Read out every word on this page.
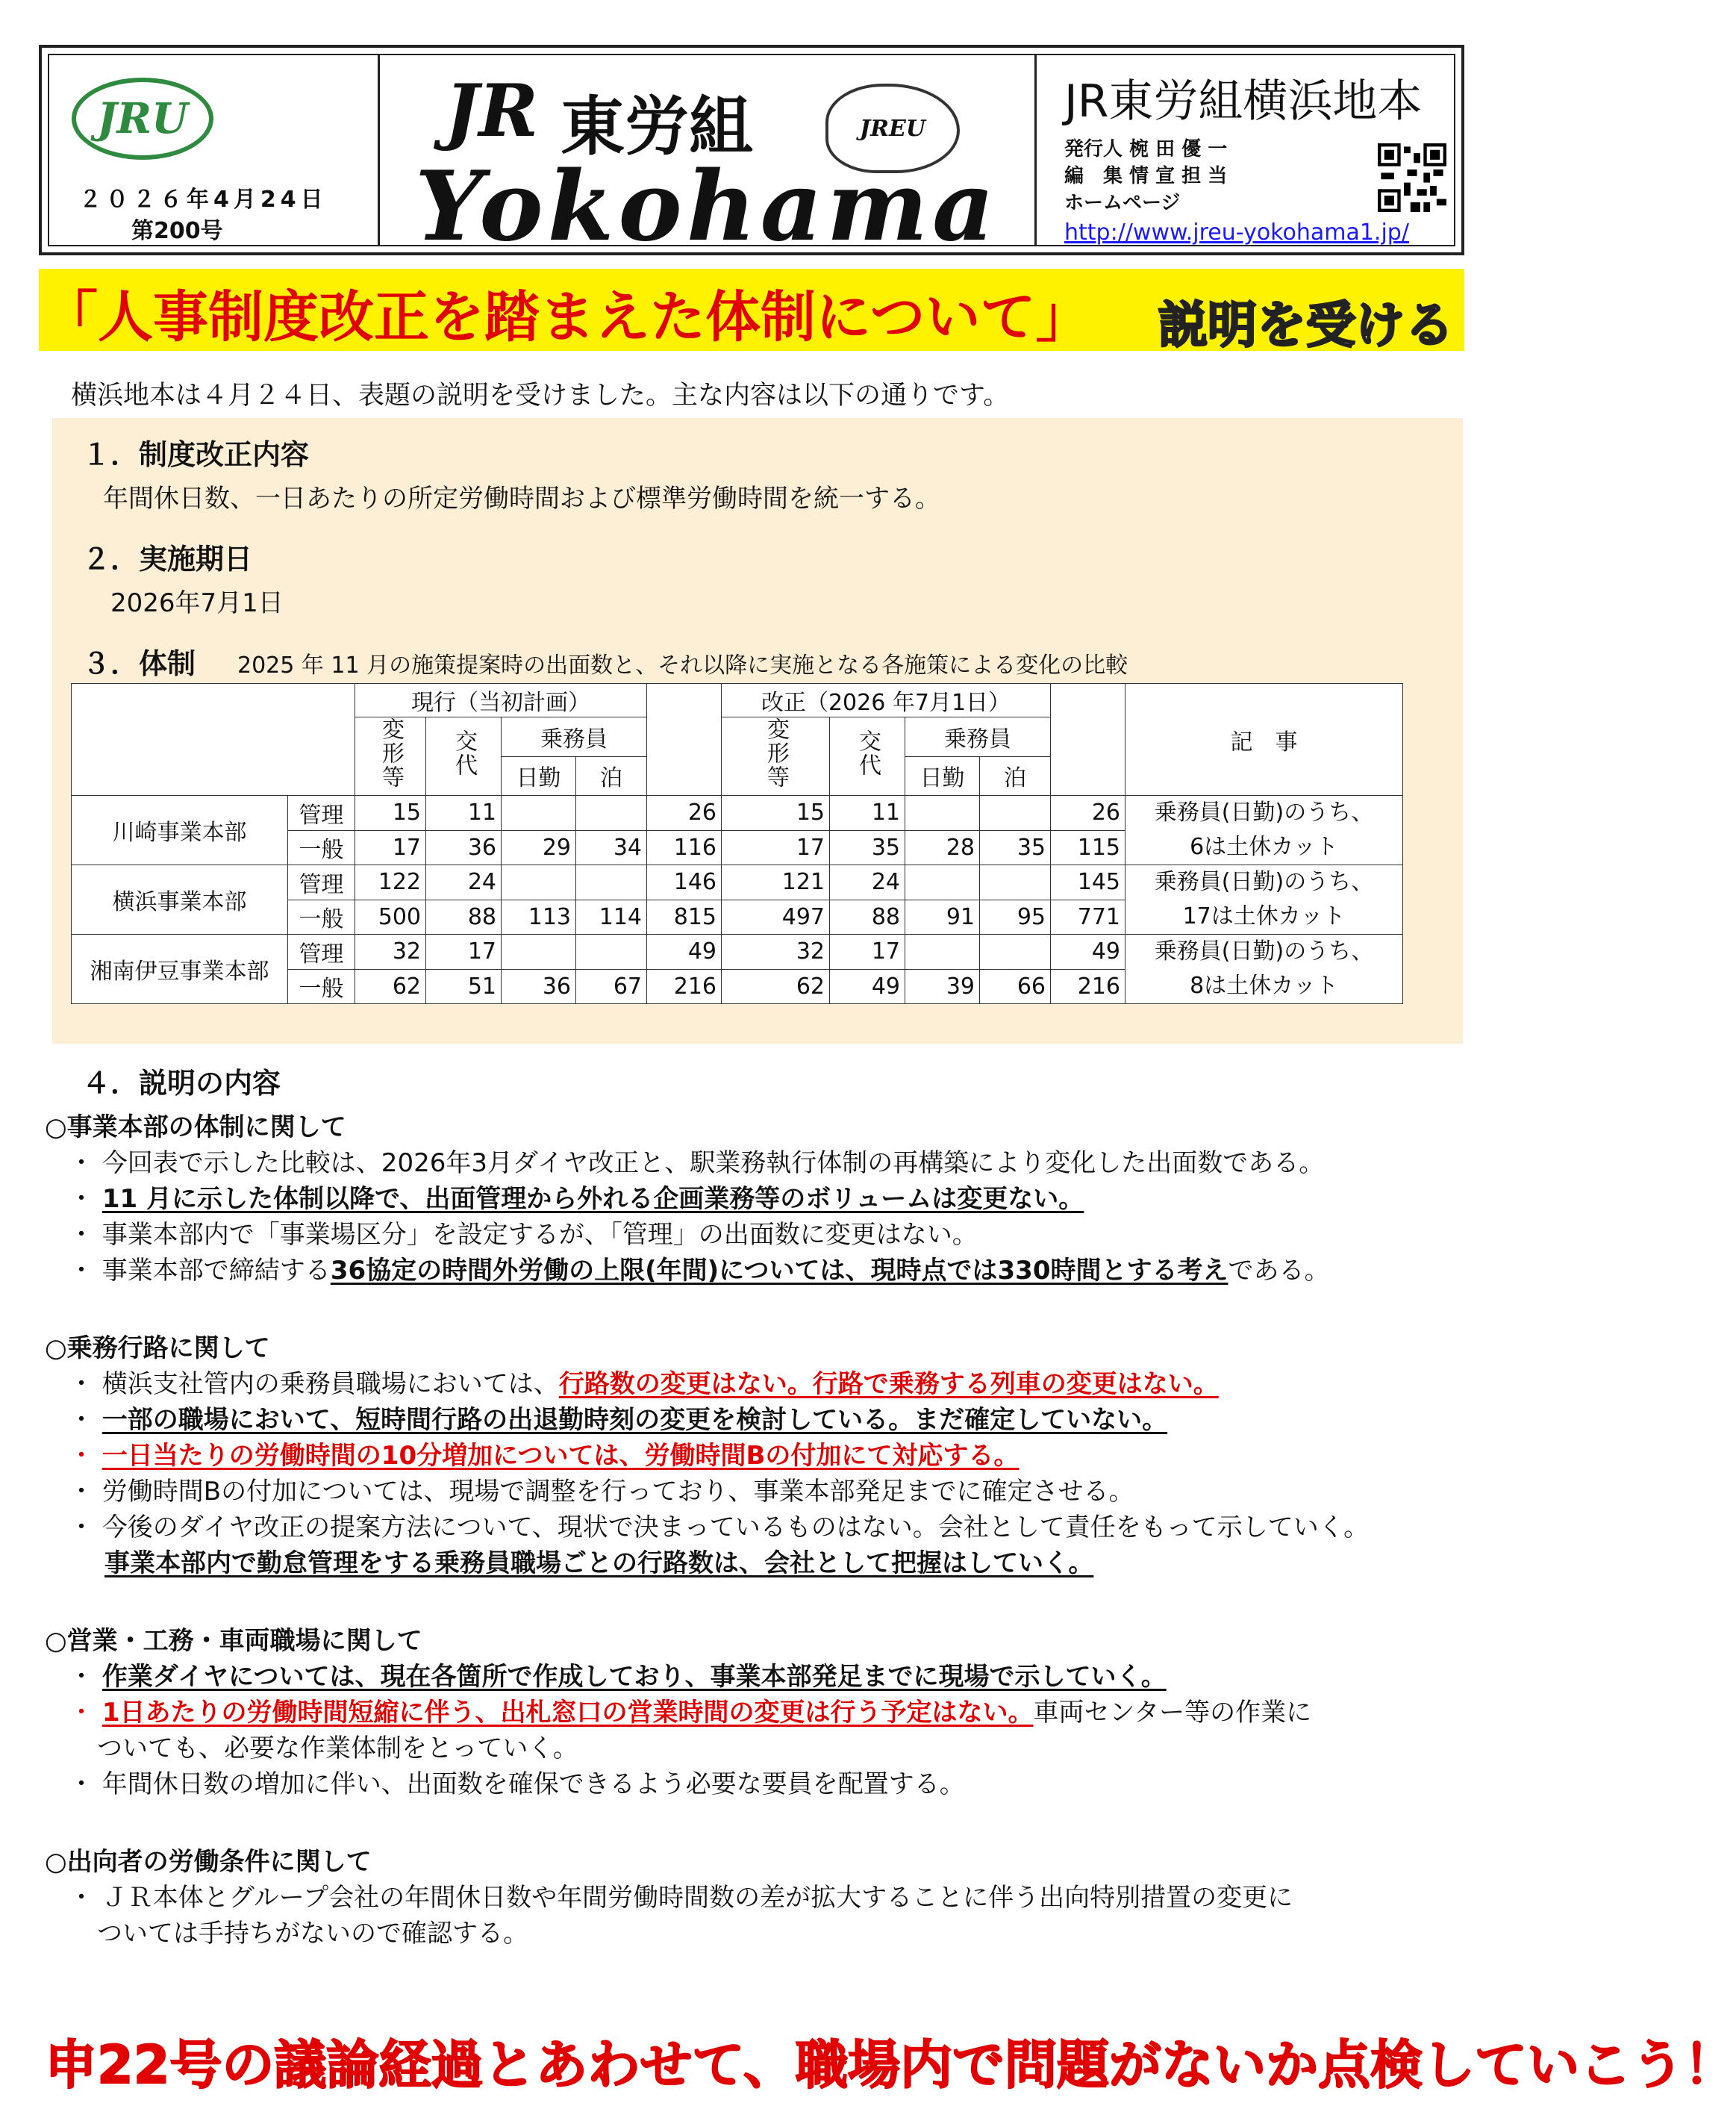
JRU
２０２６年4月24日
第200号
JR 東労組	JREU
Yokohama
JR東労組横浜地本
発行人 椀 田 優 一
編　集 情 宣 担 当
ホームページ
http://www.jreu-yokohama1.jp/
「人事制度改正を踏まえた体制について」 説明を受ける
横浜地本は４月２４日、表題の説明を受けました。主な内容は以下の通りです。
１．制度改正内容
年間休日数、一日あたりの所定労働時間および標準労働時間を統一する。
２．実施期日
2026年7月1日
３．体制 2025 年 11 月の施策提案時の出面数と、それ以降に実施となる各施策による変化の比較
		現行（当初計画）					改正（2026 年7月1日）					記　事
		変形等	交代	乗務員			変形等	交代	乗務員			
				日勤	泊				日勤	泊		
川崎事業本部	管理	15	11			26	15	11			26	乗務員(日勤)のうち、
6は土休カット

	一般	17	36	29	34	116	17	35	28	35	115	
横浜事業本部	管理	122	24			146	121	24			145	乗務員(日勤)のうち、
17は土休カット

	一般	500	88	113	114	815	497	88	91	95	771	
湘南伊豆事業本部	管理	32	17			49	32	17			49	乗務員(日勤)のうち、
8は土休カット

	一般	62	51	36	67	216	62	49	39	66	216	
４．説明の内容
○事業本部の体制に関して
・ 今回表で示した比較は、2026年3月ダイヤ改正と、駅業務執行体制の再構築により変化した出面数である。
・ 11 月に示した体制以降で、出面管理から外れる企画業務等のボリュームは変更ない。
・ 事業本部内で「事業場区分」を設定するが、「管理」の出面数に変更はない。
・ 事業本部で締結する36協定の時間外労働の上限(年間)については、現時点では330時間とする考えである。
○乗務行路に関して
・ 横浜支社管内の乗務員職場においては、行路数の変更はない。行路で乗務する列車の変更はない。
・ 一部の職場において、短時間行路の出退勤時刻の変更を検討している。まだ確定していない。
・ 一日当たりの労働時間の10分増加については、労働時間Bの付加にて対応する。
・ 労働時間Bの付加については、現場で調整を行っており、事業本部発足までに確定させる。
・ 今後のダイヤ改正の提案方法について、現状で決まっているものはない。会社として責任をもって示していく。
事業本部内で勤怠管理をする乗務員職場ごとの行路数は、会社として把握はしていく。
○営業・工務・車両職場に関して
・ 作業ダイヤについては、現在各箇所で作成しており、事業本部発足までに現場で示していく。
・ 1日あたりの労働時間短縮に伴う、出札窓口の営業時間の変更は行う予定はない。車両センター等の作業に
ついても、必要な作業体制をとっていく。
・ 年間休日数の増加に伴い、出面数を確保できるよう必要な要員を配置する。
○出向者の労働条件に関して
・ ＪＲ本体とグループ会社の年間休日数や年間労働時間数の差が拡大することに伴う出向特別措置の変更に
ついては手持ちがないので確認する。
申22号の議論経過とあわせて、職場内で問題がないか点検していこう！
